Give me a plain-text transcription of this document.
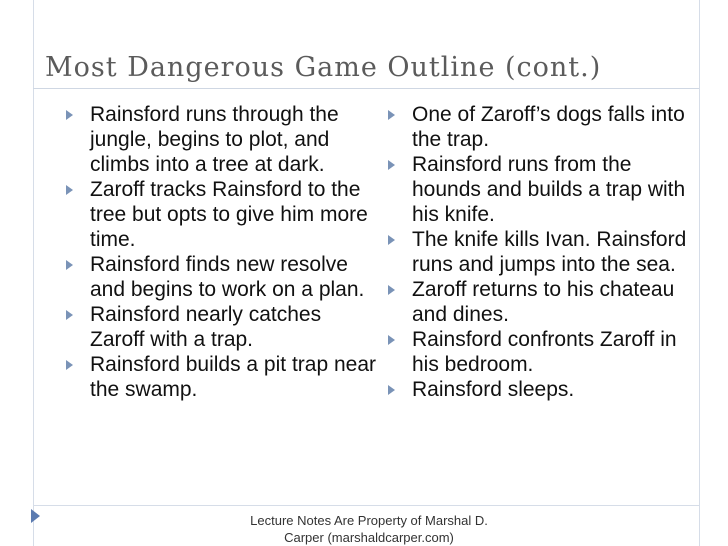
Most Dangerous Game Outline (cont.)
Rainsford runs through the jungle, begins to plot, and climbs into a tree at dark.
Zaroff tracks Rainsford to the tree but opts to give him more time.
Rainsford finds new resolve and begins to work on a plan.
Rainsford nearly catches Zaroff with a trap.
Rainsford builds a pit trap near the swamp.
One of Zaroff’s dogs falls into the trap.
Rainsford runs from the hounds and builds a trap with his knife.
The knife kills Ivan. Rainsford runs and jumps into the sea.
Zaroff returns to his chateau and dines.
Rainsford confronts Zaroff in his bedroom.
Rainsford sleeps.
Lecture Notes Are Property of Marshal D. Carper (marshaldcarper.com)
